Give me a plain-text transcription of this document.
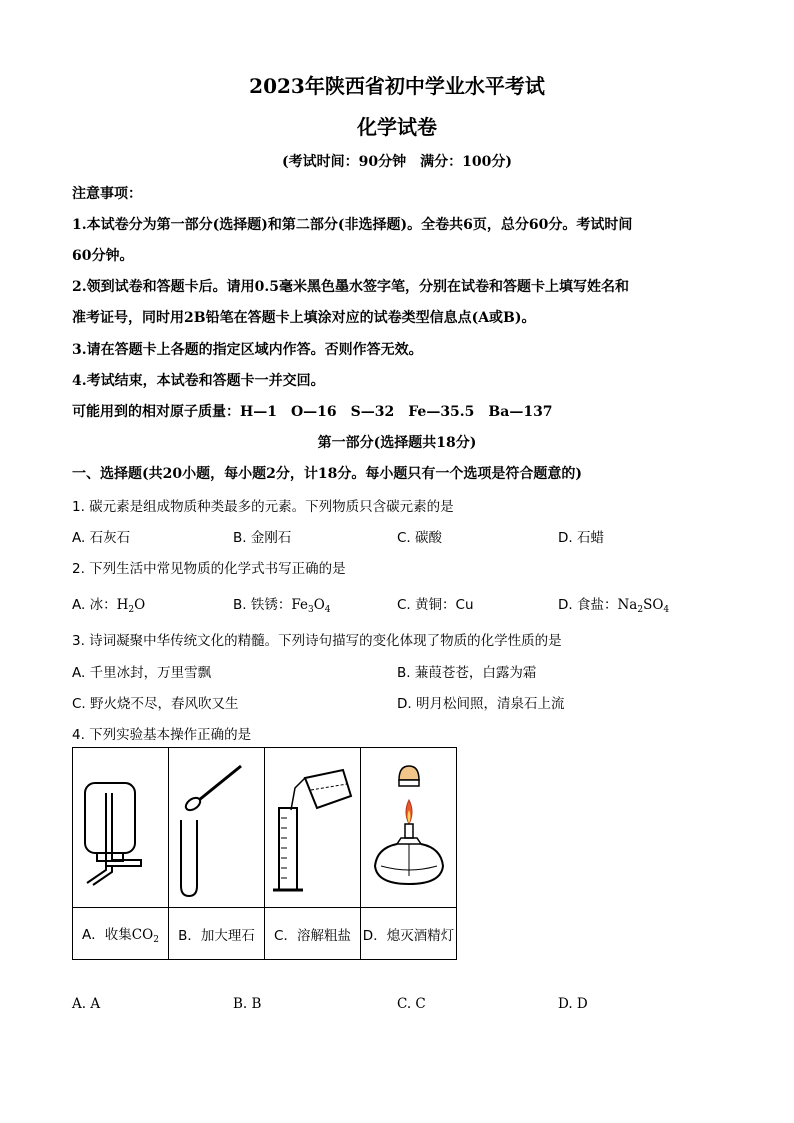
2023年陕西省初中学业水平考试
化学试卷
(考试时间：90分钟　满分：100分)
注意事项：
1.本试卷分为第一部分(选择题)和第二部分(非选择题)。全卷共6页，总分60分。考试时间
60分钟。
2.领到试卷和答题卡后。请用0.5毫米黑色墨水签字笔，分别在试卷和答题卡上填写姓名和
准考证号，同时用2B铅笔在答题卡上填涂对应的试卷类型信息点(A或B)。
3.请在答题卡上各题的指定区域内作答。否则作答无效。
4.考试结束，本试卷和答题卡一并交回。
可能用到的相对原子质量：H—1　O—16　S—32　Fe—35.5　Ba—137
第一部分(选择题共18分)
一、选择题(共20小题，每小题2分，计18分。每小题只有一个选项是符合题意的)
1. 碳元素是组成物质种类最多的元素。下列物质只含碳元素的是
A. 石灰石	B. 金刚石	C. 碳酸	D. 石蜡
2. 下列生活中常见物质的化学式书写正确的是
A. 冰：$H_2O$	B. 铁锈：$Fe_3O_4$	C. 黄铜：Cu	D. 食盐：$Na_2SO_4$
3. 诗词凝聚中华传统文化的精髓。下列诗句描写的变化体现了物质的化学性质的是
A. 千里冰封，万里雪飘	B. 蒹葭苍苍，白露为霜
C. 野火烧不尽，春风吹又生	D. 明月松间照，清泉石上流
4. 下列实验基本操作正确的是

A．收集$CO_2$	B．加大理石	C．溶解粗盐	D．熄灭酒精灯
A. A	B. B	C. C	D. D
